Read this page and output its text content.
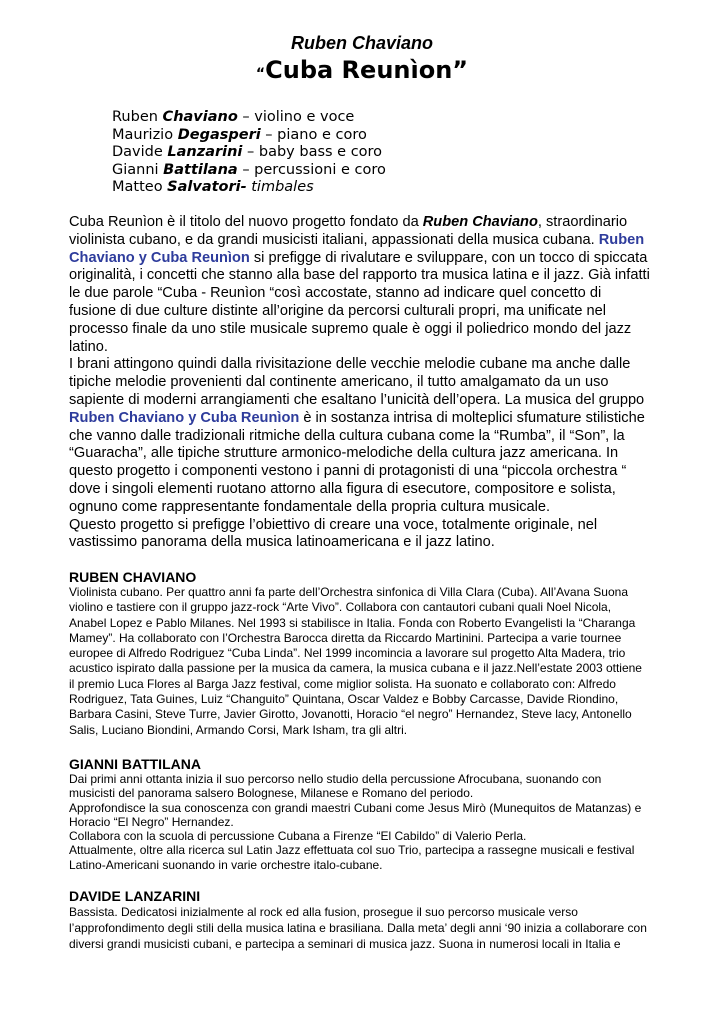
Ruben Chaviano
“Cuba Reunìon”
Ruben Chaviano – violino e voce
Maurizio Degasperi – piano e coro
Davide Lanzarini – baby bass e coro
Gianni Battilana – percussioni e coro
Matteo Salvatori- timbales
Cuba Reunìon è il titolo del nuovo progetto fondato da Ruben Chaviano, straordinario
violinista cubano, e da grandi musicisti italiani, appassionati della musica cubana. Ruben
Chaviano y Cuba Reunìon si prefigge di rivalutare e sviluppare, con un tocco di spiccata
originalità, i concetti che stanno alla base del rapporto tra musica latina e il jazz. Già infatti
le due parole “Cuba - Reunìon “così accostate, stanno ad indicare quel concetto di
fusione di due culture distinte all’origine da percorsi culturali propri, ma unificate nel
processo finale da uno stile musicale supremo quale è oggi il poliedrico mondo del jazz
latino.
I brani attingono quindi dalla rivisitazione delle vecchie melodie cubane ma anche dalle
tipiche melodie provenienti dal continente americano, il tutto amalgamato da un uso
sapiente di moderni arrangiamenti che esaltano l’unicità dell’opera. La musica del gruppo
Ruben Chaviano y Cuba Reunìon è in sostanza intrisa di molteplici sfumature stilistiche
che vanno dalle tradizionali ritmiche della cultura cubana come la “Rumba”, il “Son”, la
“Guaracha”, alle tipiche strutture armonico-melodiche della cultura jazz americana. In
questo progetto i componenti vestono i panni di protagonisti di una “piccola orchestra “
dove i singoli elementi ruotano attorno alla figura di esecutore, compositore e solista,
ognuno come rappresentante fondamentale della propria cultura musicale.
Questo progetto si prefigge l’obiettivo di creare una voce, totalmente originale, nel
vastissimo panorama della musica latinoamericana e il jazz latino.
RUBEN CHAVIANO
Violinista cubano. Per quattro anni fa parte dell’Orchestra sinfonica di Villa Clara (Cuba). All’Avana Suona
violino e tastiere con il gruppo jazz-rock “Arte Vivo”. Collabora con cantautori cubani quali Noel Nicola,
Anabel Lopez e Pablo Milanes. Nel 1993 si stabilisce in Italia. Fonda con Roberto Evangelisti la “Charanga
Mamey”. Ha collaborato con l’Orchestra Barocca diretta da Riccardo Martinini. Partecipa a varie tournee
europee di Alfredo Rodriguez “Cuba Linda”. Nel 1999 incomincia a lavorare sul progetto Alta Madera, trio
acustico ispirato dalla passione per la musica da camera, la musica cubana e il jazz.Nell’estate 2003 ottiene
il premio Luca Flores al Barga Jazz festival, come miglior solista. Ha suonato e collaborato con: Alfredo
Rodriguez, Tata Guines, Luiz “Changuito” Quintana, Oscar Valdez e Bobby Carcasse, Davide Riondino,
Barbara Casini, Steve Turre, Javier Girotto, Jovanotti, Horacio “el negro” Hernandez, Steve lacy, Antonello
Salis, Luciano Biondini, Armando Corsi, Mark Isham, tra gli altri.
GIANNI BATTILANA
Dai primi anni ottanta inizia il suo percorso nello studio della percussione Afrocubana, suonando con
musicisti del panorama salsero Bolognese, Milanese e Romano del periodo.
Approfondisce la sua conoscenza con grandi maestri Cubani come Jesus Mirò (Munequitos de Matanzas) e
Horacio “El Negro” Hernandez.
Collabora con la scuola di percussione Cubana a Firenze “El Cabildo” di Valerio Perla.
Attualmente, oltre alla ricerca sul Latin Jazz effettuata col suo Trio, partecipa a rassegne musicali e festival
Latino-Americani suonando in varie orchestre italo-cubane.
DAVIDE LANZARINI
Bassista. Dedicatosi inizialmente al rock ed alla fusion, prosegue il suo percorso musicale verso
l’approfondimento degli stili della musica latina e brasiliana. Dalla meta’ degli anni ‘90 inizia a collaborare con
diversi grandi musicisti cubani, e partecipa a seminari di musica jazz. Suona in numerosi locali in Italia e
